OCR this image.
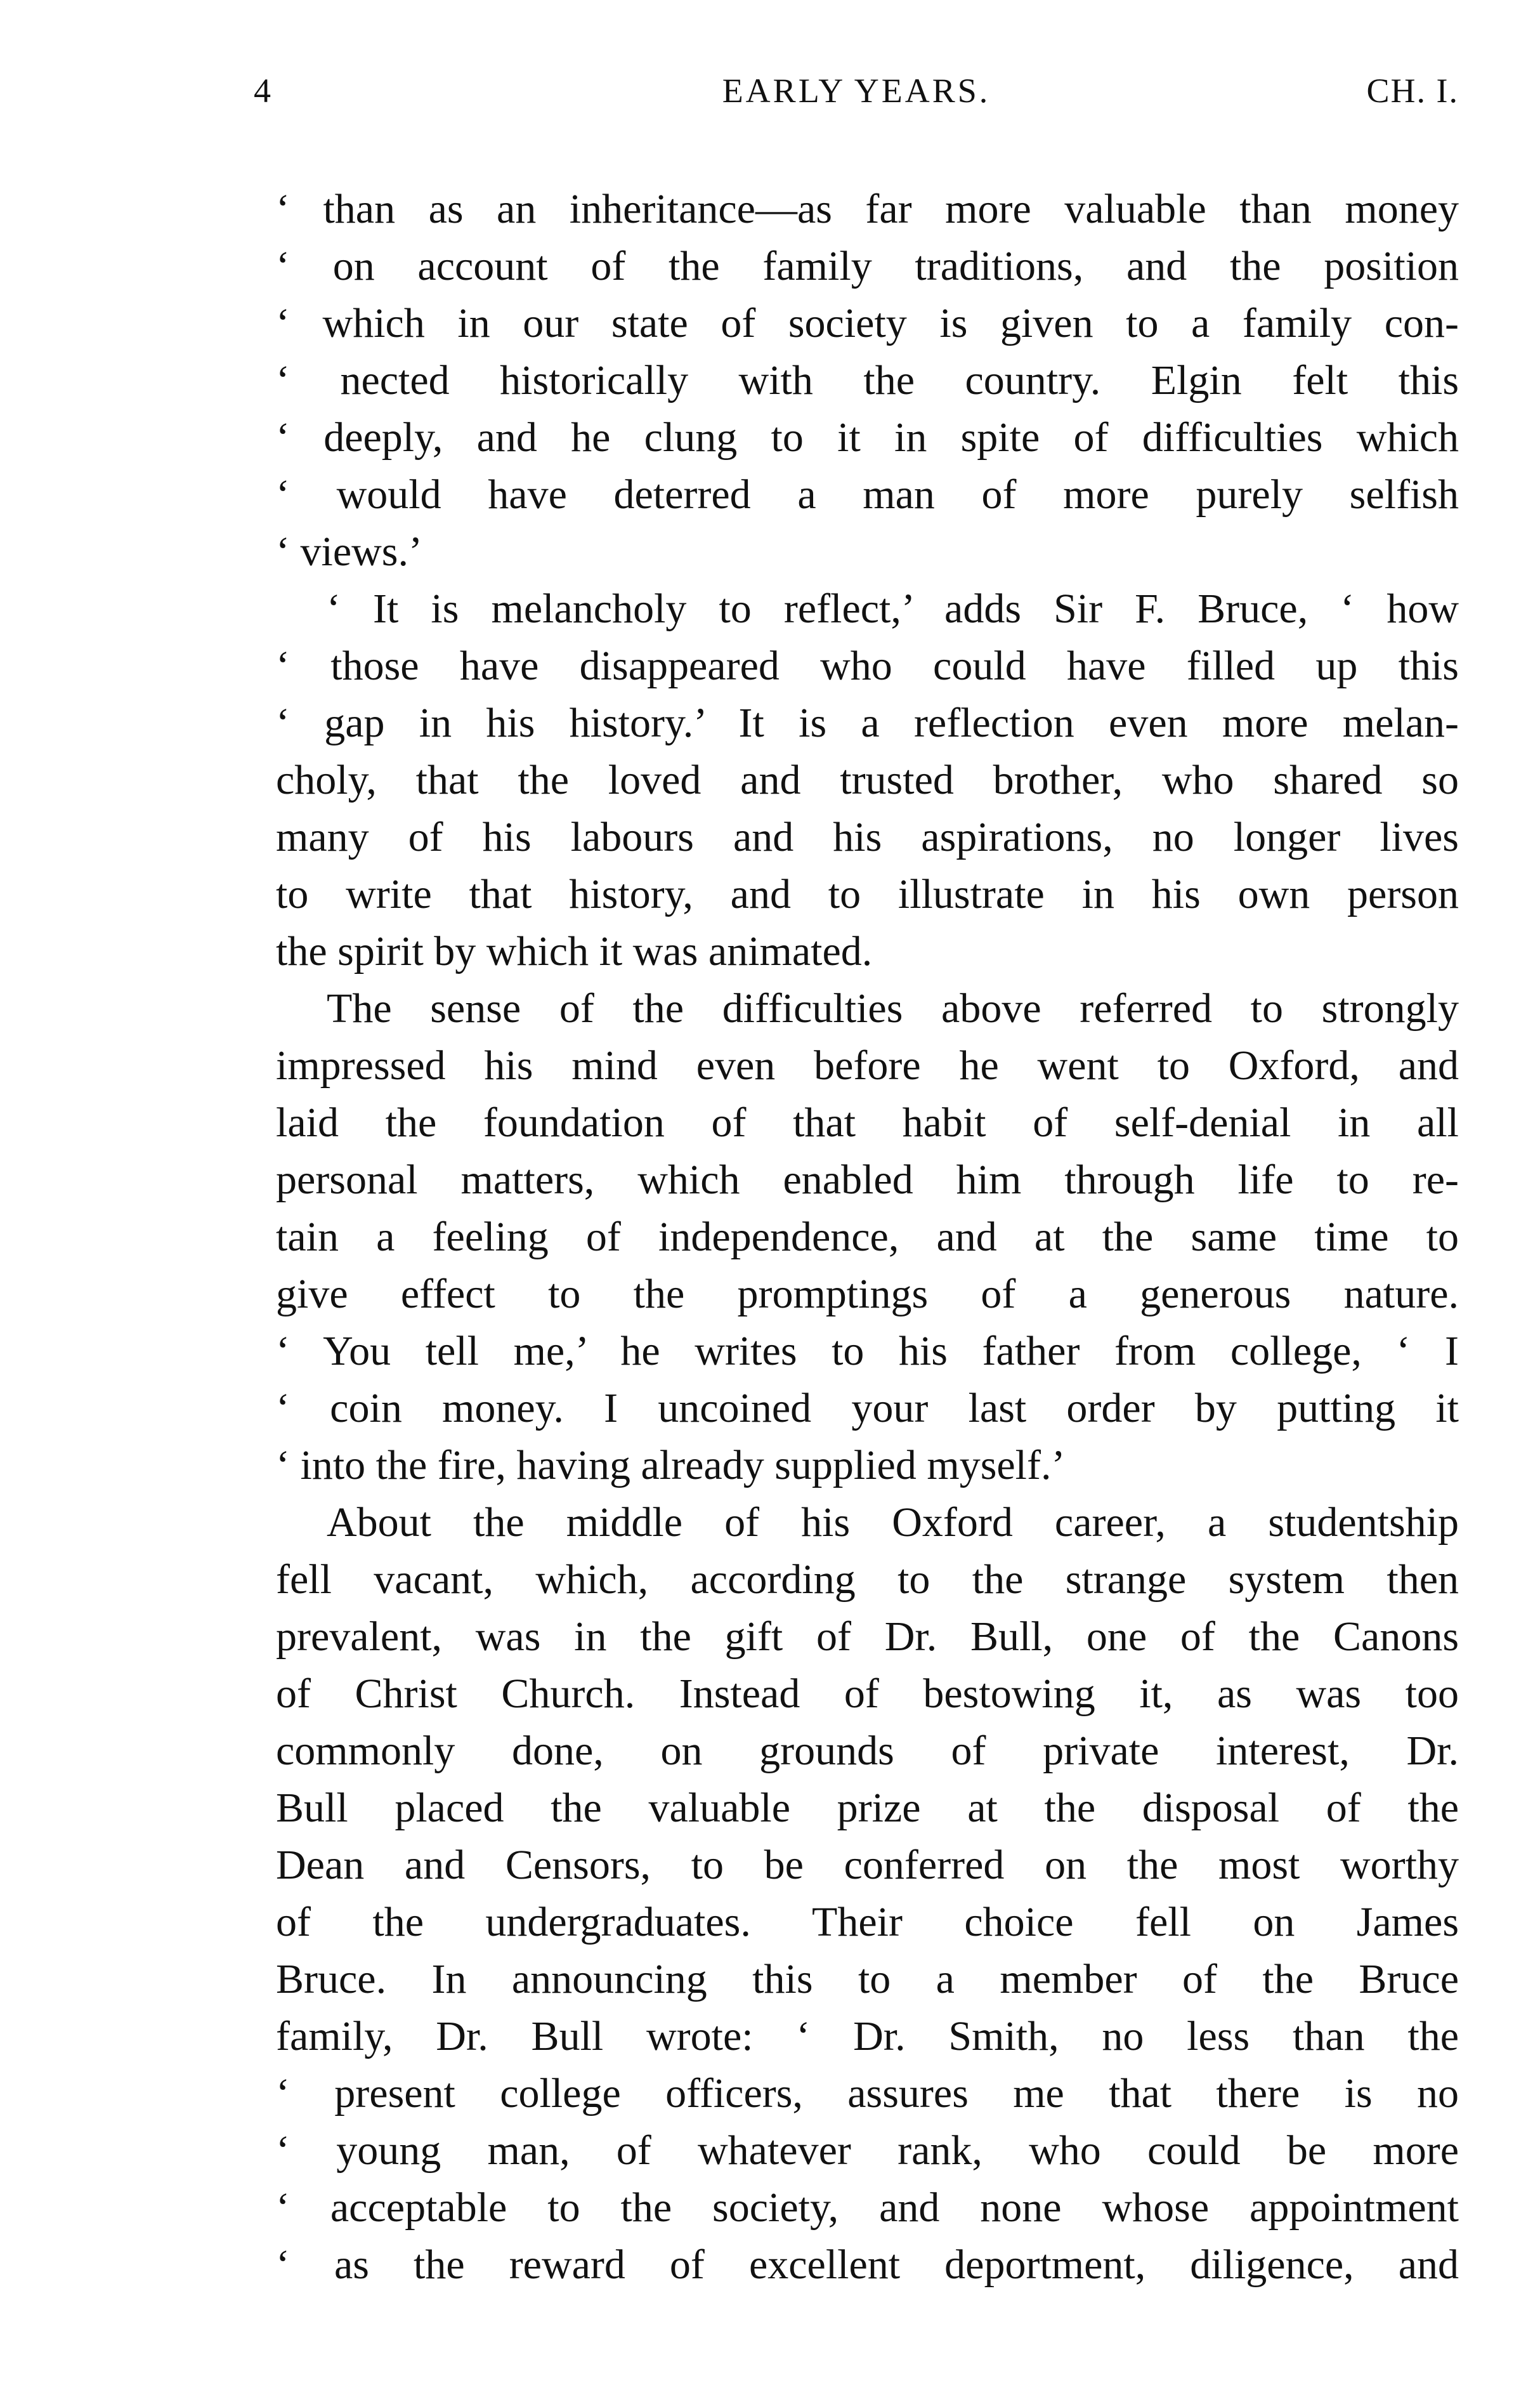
4	EARLY YEARS.	CH. I.
‘ than as an inheritance—as far more valuable than money
‘ on account of the family traditions, and the position
‘ which in our state of society is given to a family con-
‘ nected historically with the country. Elgin felt this
‘ deeply, and he clung to it in spite of difficulties which
‘ would have deterred a man of more purely selfish
‘ views.’
‘ It is melancholy to reflect,’ adds Sir F. Bruce, ‘ how
‘ those have disappeared who could have filled up this
‘ gap in his history.’ It is a reflection even more melan-
choly, that the loved and trusted brother, who shared so
many of his labours and his aspirations, no longer lives
to write that history, and to illustrate in his own person
the spirit by which it was animated.
The sense of the difficulties above referred to strongly
impressed his mind even before he went to Oxford, and
laid the foundation of that habit of self-denial in all
personal matters, which enabled him through life to re-
tain a feeling of independence, and at the same time to
give effect to the promptings of a generous nature.
‘ You tell me,’ he writes to his father from college, ‘ I
‘ coin money. I uncoined your last order by putting it
‘ into the fire, having already supplied myself.’
About the middle of his Oxford career, a studentship
fell vacant, which, according to the strange system then
prevalent, was in the gift of Dr. Bull, one of the Canons
of Christ Church. Instead of bestowing it, as was too
commonly done, on grounds of private interest, Dr.
Bull placed the valuable prize at the disposal of the
Dean and Censors, to be conferred on the most worthy
of the undergraduates. Their choice fell on James
Bruce. In announcing this to a member of the Bruce
family, Dr. Bull wrote: ‘ Dr. Smith, no less than the
‘ present college officers, assures me that there is no
‘ young man, of whatever rank, who could be more
‘ acceptable to the society, and none whose appointment
‘ as the reward of excellent deportment, diligence, and
